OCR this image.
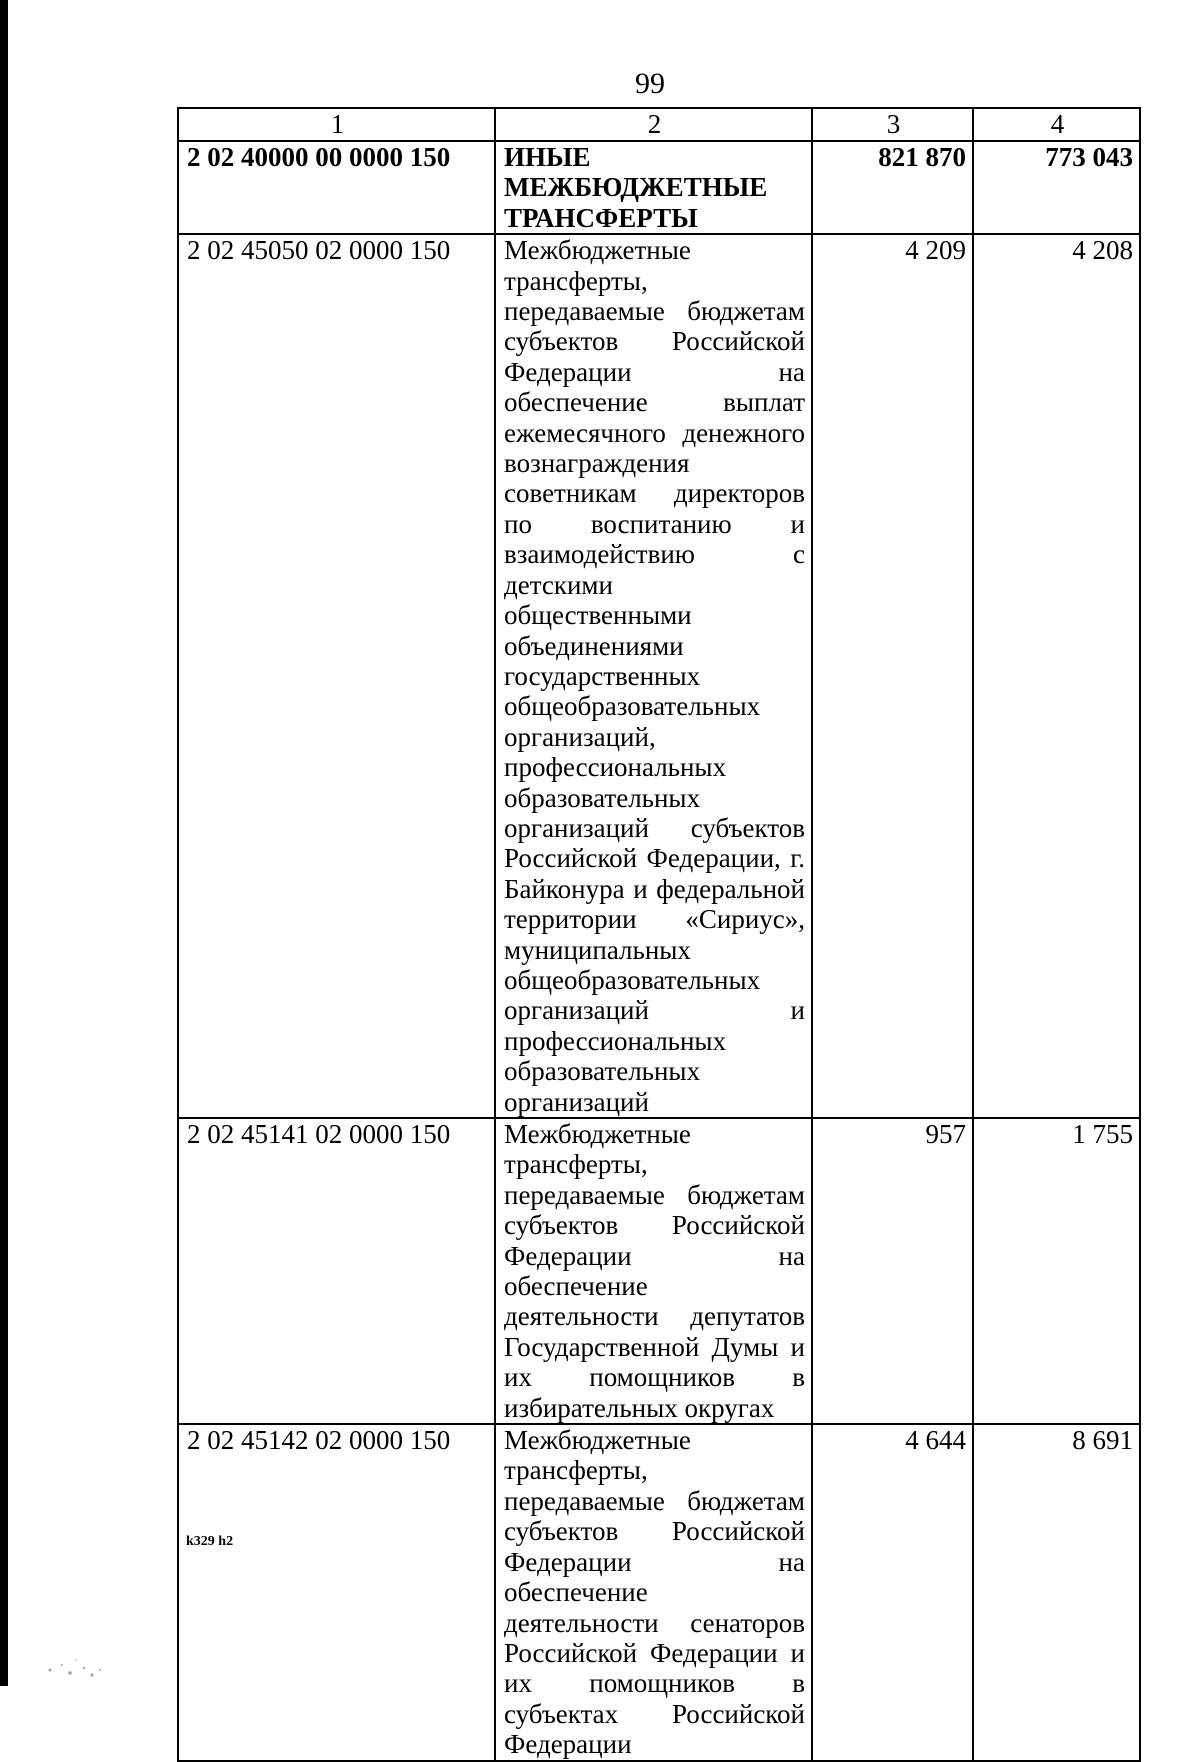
99
1	2	3	4
2 02 40000 00 0000 150	ИНЫЕ МЕЖБЮДЖЕТНЫЕ ТРАНСФЕРТЫ	821 870	773 043
2 02 45050 02 0000 150	Межбюджетные трансферты, передаваемые бюджетам субъектов Российской Федерации на обеспечение выплат ежемесячного денежного вознаграждения советникам директоров по воспитанию и взаимодействию с детскими общественными объединениями государственных общеобразовательных организаций, профессиональных образовательных организаций субъектов Российской Федерации, г. Байконура и федеральной территории «Сириус», муниципальных общеобразовательных организаций и профессиональных образовательных организаций	4 209	4 208
2 02 45141 02 0000 150	Межбюджетные трансферты, передаваемые бюджетам субъектов Российской Федерации на обеспечение деятельности депутатов Государственной Думы и их помощников в избирательных округах	957	1 755
2 02 45142 02 0000 150	Межбюджетные трансферты, передаваемые бюджетам субъектов Российской Федерации на обеспечение деятельности сенаторов Российской Федерации и их помощников в субъектах Российской Федерации	4 644	8 691
k329 h2
